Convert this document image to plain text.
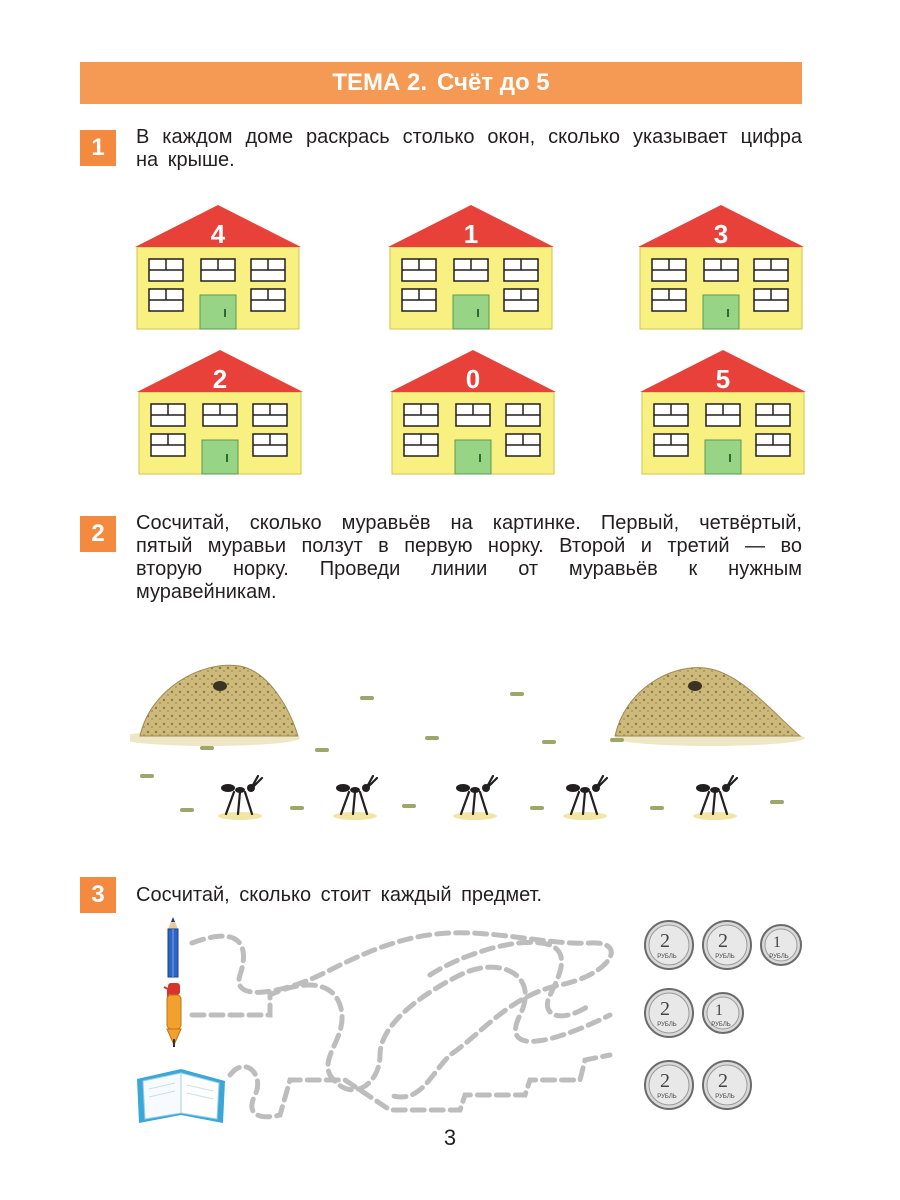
ТЕМА 2. Счёт до 5
1	В каждом доме раскрась столько окон, сколько указывает цифра на крыше.
4	1	3
2	0	5
2	Сосчитай, сколько муравьёв на картинке. Первый, четвёртый, пятый муравьи ползут в первую норку. Второй и третий — во вторую норку. Проведи линии от муравьёв к нужным муравейникам.
3	Сосчитай, сколько стоит каждый предмет.
2
РУБЛЬ
2
РУБЛЬ
1
РУБЛЬ
2
РУБЛЬ
1
РУБЛЬ
2
РУБЛЬ
2
РУБЛЬ
3
